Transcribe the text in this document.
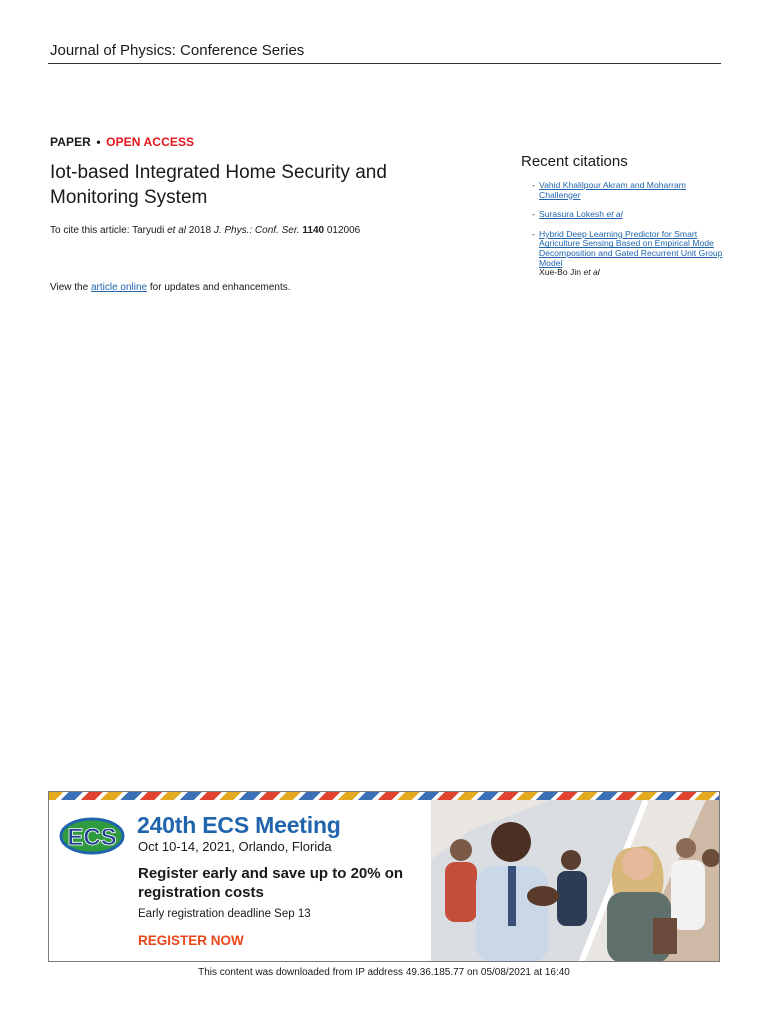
Journal of Physics: Conference Series
PAPER • OPEN ACCESS
Iot-based Integrated Home Security and Monitoring System
To cite this article: Taryudi et al 2018 J. Phys.: Conf. Ser. 1140 012006
View the article online for updates and enhancements.
Recent citations
- Vahid Khalilpour Akram and Moharram Challenger
- Surasura Lokesh et al
- Hybrid Deep Learning Predictor for Smart Agriculture Sensing Based on Empirical Mode Decomposition and Gated Recurrent Unit Group Model
Xue-Bo Jin et al
ECS 240th ECS Meeting
Oct 10-14, 2021, Orlando, Florida
Register early and save up to 20% on registration costs
Early registration deadline Sep 13
REGISTER NOW
This content was downloaded from IP address 49.36.185.77 on 05/08/2021 at 16:40
